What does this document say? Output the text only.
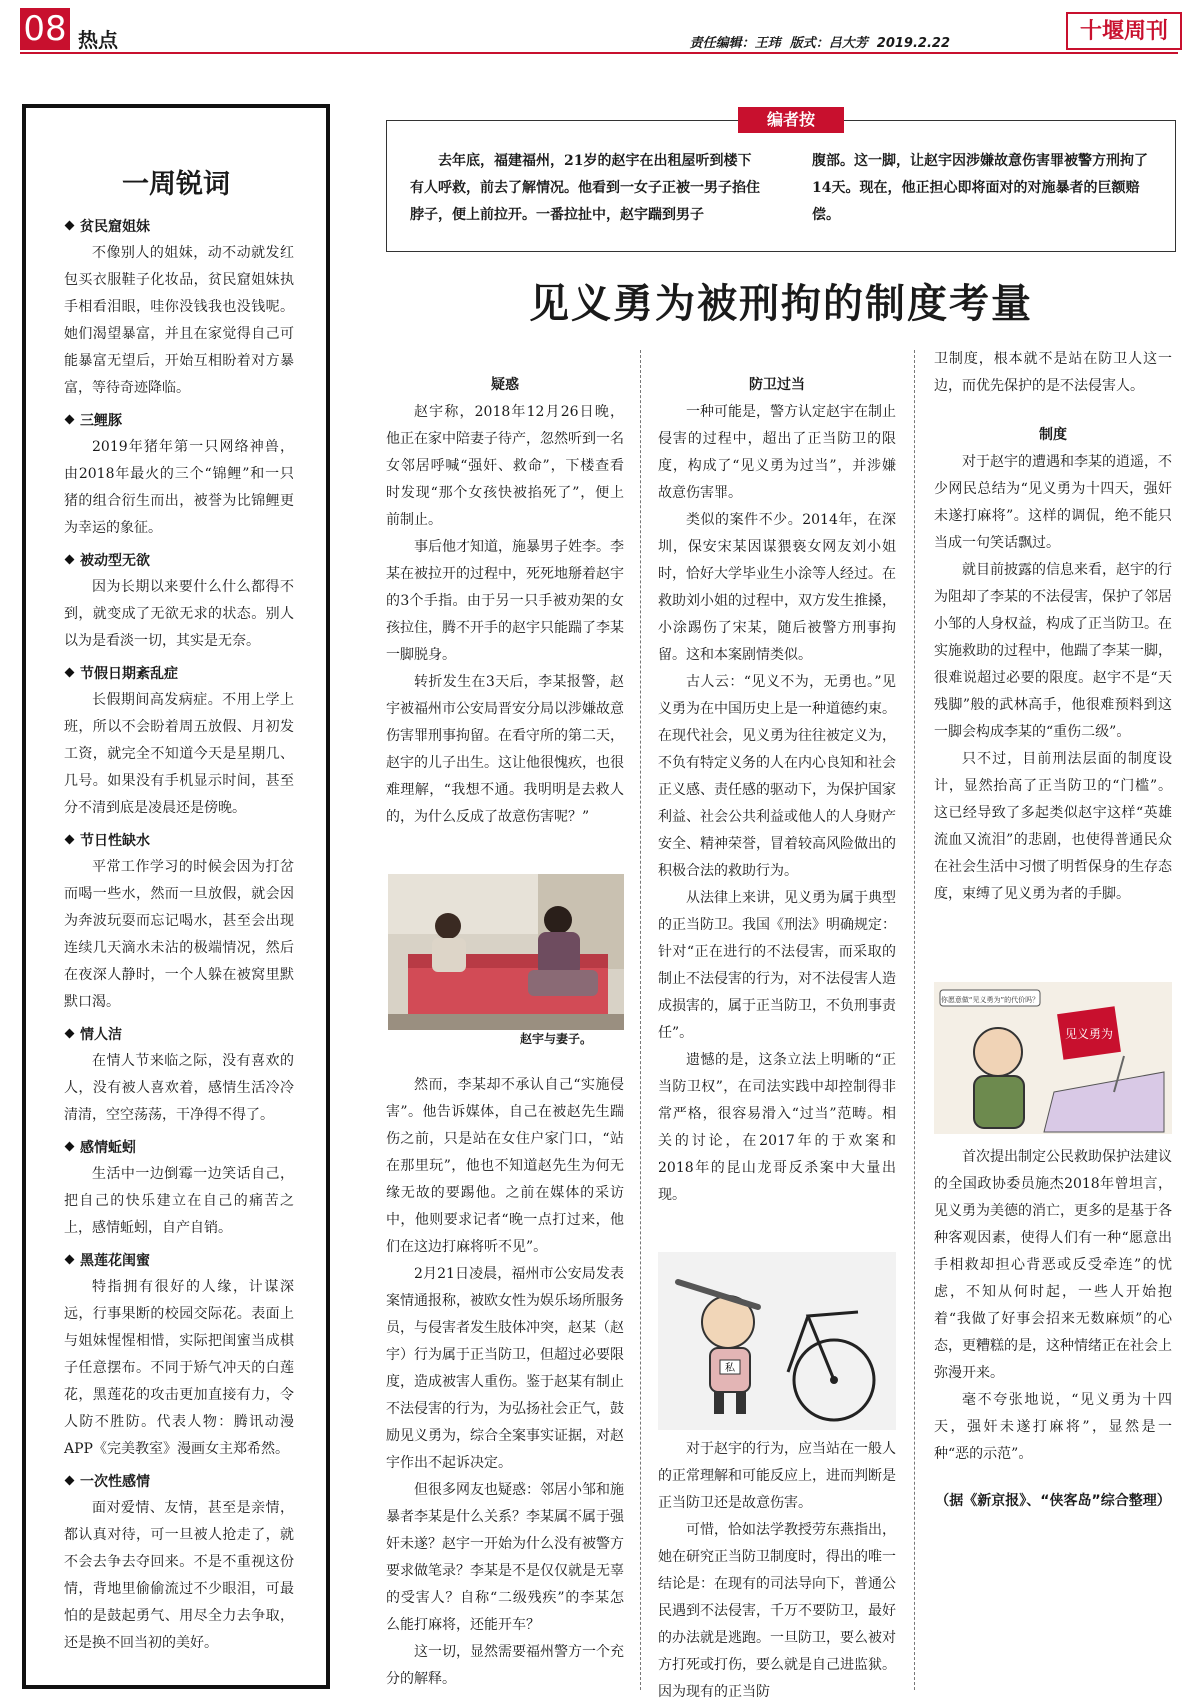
08 热点	责任编辑：王玮 版式：吕大芳 2019.2.22	十堰周刊
一周锐词
贫民窟姐妹

不像别人的姐妹，动不动就发红包买衣服鞋子化妆品，贫民窟姐妹执手相看泪眼，哇你没钱我也没钱呢。她们渴望暴富，并且在家觉得自己可能暴富无望后，开始互相盼着对方暴富，等待奇迹降临。

三鲤豚

2019年猪年第一只网络神兽，由2018年最火的三个“锦鲤”和一只猪的组合衍生而出，被誉为比锦鲤更为幸运的象征。

被动型无欲

因为长期以来要什么什么都得不到，就变成了无欲无求的状态。别人以为是看淡一切，其实是无奈。

节假日期紊乱症

长假期间高发病症。不用上学上班，所以不会盼着周五放假、月初发工资，就完全不知道今天是星期几、几号。如果没有手机显示时间，甚至分不清到底是凌晨还是傍晚。

节日性缺水

平常工作学习的时候会因为打岔而喝一些水，然而一旦放假，就会因为奔波玩耍而忘记喝水，甚至会出现连续几天滴水未沾的极端情况，然后在夜深人静时，一个人躲在被窝里默默口渴。

情人洁

在情人节来临之际，没有喜欢的人，没有被人喜欢着，感情生活冷冷清清，空空荡荡，干净得不得了。

感情蚯蚓

生活中一边倒霉一边笑话自己，把自己的快乐建立在自己的痛苦之上，感情蚯蚓，自产自销。

黑莲花闺蜜

特指拥有很好的人缘，计谋深远，行事果断的校园交际花。表面上与姐妹惺惺相惜，实际把闺蜜当成棋子任意摆布。不同于矫气冲天的白莲花，黑莲花的攻击更加直接有力，令人防不胜防。代表人物：腾讯动漫APP《完美教室》漫画女主郑希然。

一次性感情

面对爱情、友情，甚至是亲情，都认真对待，可一旦被人抢走了，就不会去争去夺回来。不是不重视这份情，背地里偷偷流过不少眼泪，可最怕的是鼓起勇气、用尽全力去争取，还是换不回当初的美好。

编者按
去年底，福建福州，21岁的赵宇在出租屋听到楼下有人呼救，前去了解情况。他看到一女子正被一男子掐住脖子，便上前拉开。一番拉扯中，赵宇踹到男子
腹部。这一脚，让赵宇因涉嫌故意伤害罪被警方刑拘了14天。现在，他正担心即将面对的对施暴者的巨额赔偿。
见义勇为被刑拘的制度考量
疑惑

赵宇称，2018年12月26日晚，他正在家中陪妻子待产，忽然听到一名女邻居呼喊“强奸、救命”，下楼查看时发现“那个女孩快被掐死了”，便上前制止。

事后他才知道，施暴男子姓李。李某在被拉开的过程中，死死地掰着赵宇的3个手指。由于另一只手被劝架的女孩拉住，腾不开手的赵宇只能踹了李某一脚脱身。

转折发生在3天后，李某报警，赵宇被福州市公安局晋安分局以涉嫌故意伤害罪刑事拘留。在看守所的第二天，赵宇的儿子出生。这让他很愧疚，也很难理解，“我想不通。我明明是去救人的，为什么反成了故意伤害呢？”

赵宇与妻子。

然而，李某却不承认自己“实施侵害”。他告诉媒体，自己在被赵先生踹伤之前，只是站在女住户家门口，“站在那里玩”，他也不知道赵先生为何无缘无故的要踢他。之前在媒体的采访中，他则要求记者“晚一点打过来，他们在这边打麻将听不见”。

2月21日凌晨，福州市公安局发表案情通报称，被欧女性为娱乐场所服务员，与侵害者发生肢体冲突，赵某（赵宇）行为属于正当防卫，但超过必要限度，造成被害人重伤。鉴于赵某有制止不法侵害的行为，为弘扬社会正气，鼓励见义勇为，综合全案事实证据，对赵宇作出不起诉决定。

但很多网友也疑惑：邻居小邹和施暴者李某是什么关系？李某属不属于强奸未遂？赵宇一开始为什么没有被警方要求做笔录？李某是不是仅仅就是无辜的受害人？自称“二级残疾”的李某怎么能打麻将，还能开车？

这一切，显然需要福州警方一个充分的解释。

防卫过当

一种可能是，警方认定赵宇在制止侵害的过程中，超出了正当防卫的限度，构成了“见义勇为过当”，并涉嫌故意伤害罪。

类似的案件不少。2014年，在深圳，保安宋某因谋猥亵女网友刘小姐时，恰好大学毕业生小涂等人经过。在救助刘小姐的过程中，双方发生推搡，小涂踢伤了宋某，随后被警方刑事拘留。这和本案剧情类似。

古人云：“见义不为，无勇也。”见义勇为在中国历史上是一种道德约束。在现代社会，见义勇为往往被定义为，不负有特定义务的人在内心良知和社会正义感、责任感的驱动下，为保护国家利益、社会公共利益或他人的人身财产安全、精神荣誉，冒着较高风险做出的积极合法的救助行为。

从法律上来讲，见义勇为属于典型的正当防卫。我国《刑法》明确规定：针对“正在进行的不法侵害，而采取的制止不法侵害的行为，对不法侵害人造成损害的，属于正当防卫，不负刑事责任”。

遗憾的是，这条立法上明晰的“正当防卫权”，在司法实践中却控制得非常严格，很容易滑入“过当”范畴。相关的讨论，在2017年的于欢案和2018年的昆山龙哥反杀案中大量出现。

私

对于赵宇的行为，应当站在一般人的正常理解和可能反应上，进而判断是正当防卫还是故意伤害。

可惜，恰如法学教授劳东燕指出，她在研究正当防卫制度时，得出的唯一结论是：在现有的司法导向下，普通公民遇到不法侵害，千万不要防卫，最好的办法就是逃跑。一旦防卫，要么被对方打死或打伤，要么就是自己进监狱。因为现有的正当防

卫制度，根本就不是站在防卫人这一边，而优先保护的是不法侵害人。

制度

对于赵宇的遭遇和李某的逍遥，不少网民总结为“见义勇为十四天，强奸未遂打麻将”。这样的调侃，绝不能只当成一句笑话飘过。

就目前披露的信息来看，赵宇的行为阻却了李某的不法侵害，保护了邻居小邹的人身权益，构成了正当防卫。在实施救助的过程中，他踹了李某一脚，很难说超过必要的限度。赵宇不是“天残脚”般的武林高手，他很难预料到这一脚会构成李某的“重伤二级”。

只不过，目前刑法层面的制度设计，显然抬高了正当防卫的“门槛”。这已经导致了多起类似赵宇这样“英雄流血又流泪”的悲剧，也使得普通民众在社会生活中习惯了明哲保身的生存态度，束缚了见义勇为者的手脚。

你愿意做“见义勇为”的代价吗？
见义勇为

首次提出制定公民救助保护法建议的全国政协委员施杰2018年曾坦言，见义勇为美德的消亡，更多的是基于各种客观因素，使得人们有一种“愿意出手相救却担心背恶或反受牵连”的忧虑，不知从何时起，一些人开始抱着“我做了好事会招来无数麻烦”的心态，更糟糕的是，这种情绪正在社会上弥漫开来。

毫不夸张地说，“见义勇为十四天，强奸未遂打麻将”，显然是一种“恶的示范”。

（据《新京报》、“侠客岛”综合整理）
